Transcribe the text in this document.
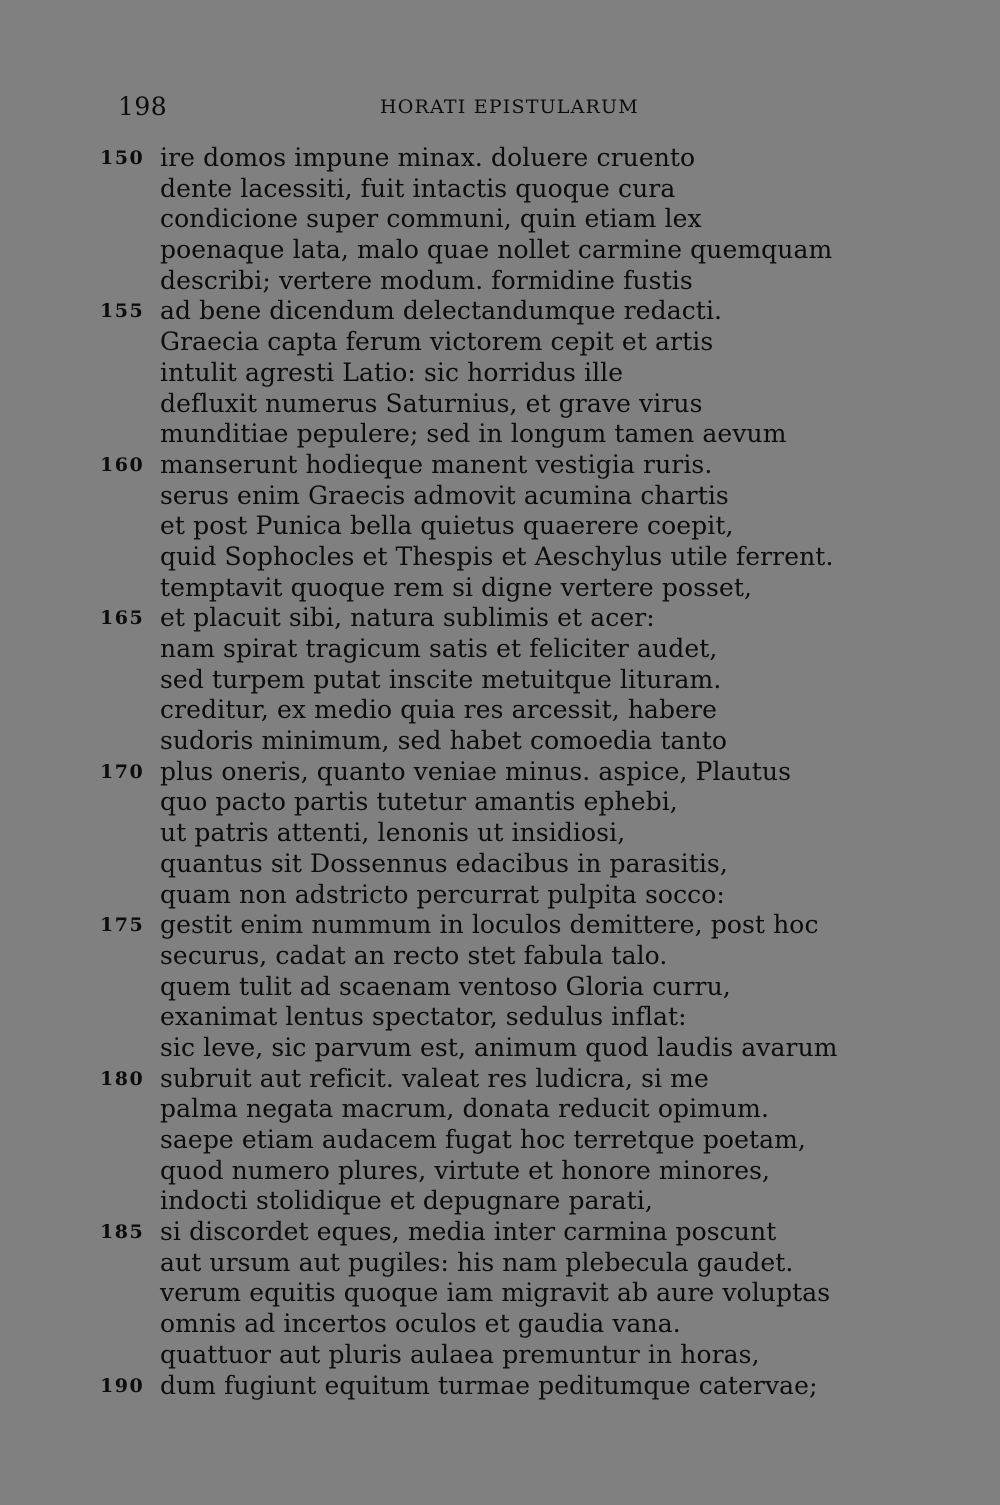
198	HORATI EPISTULARUM
150 ire domos impune minax. doluere cruento
dente lacessiti, fuit intactis quoque cura
condicione super communi, quin etiam lex
poenaque lata, malo quae nollet carmine quemquam
describi; vertere modum. formidine fustis
155 ad bene dicendum delectandumque redacti.
Graecia capta ferum victorem cepit et artis
intulit agresti Latio: sic horridus ille
defluxit numerus Saturnius, et grave virus
munditiae pepulere; sed in longum tamen aevum
160 manserunt hodieque manent vestigia ruris.
serus enim Graecis admovit acumina chartis
et post Punica bella quietus quaerere coepit,
quid Sophocles et Thespis et Aeschylus utile ferrent.
temptavit quoque rem si digne vertere posset,
165 et placuit sibi, natura sublimis et acer:
nam spirat tragicum satis et feliciter audet,
sed turpem putat inscite metuitque lituram.
creditur, ex medio quia res arcessit, habere
sudoris minimum, sed habet comoedia tanto
170 plus oneris, quanto veniae minus. aspice, Plautus
quo pacto partis tutetur amantis ephebi,
ut patris attenti, lenonis ut insidiosi,
quantus sit Dossennus edacibus in parasitis,
quam non adstricto percurrat pulpita socco:
175 gestit enim nummum in loculos demittere, post hoc
securus, cadat an recto stet fabula talo.
quem tulit ad scaenam ventoso Gloria curru,
exanimat lentus spectator, sedulus inflat:
sic leve, sic parvum est, animum quod laudis avarum
180 subruit aut reficit. valeat res ludicra, si me
palma negata macrum, donata reducit opimum.
saepe etiam audacem fugat hoc terretque poetam,
quod numero plures, virtute et honore minores,
indocti stolidique et depugnare parati,
185 si discordet eques, media inter carmina poscunt
aut ursum aut pugiles: his nam plebecula gaudet.
verum equitis quoque iam migravit ab aure voluptas
omnis ad incertos oculos et gaudia vana.
quattuor aut pluris aulaea premuntur in horas,
190 dum fugiunt equitum turmae peditumque catervae;
